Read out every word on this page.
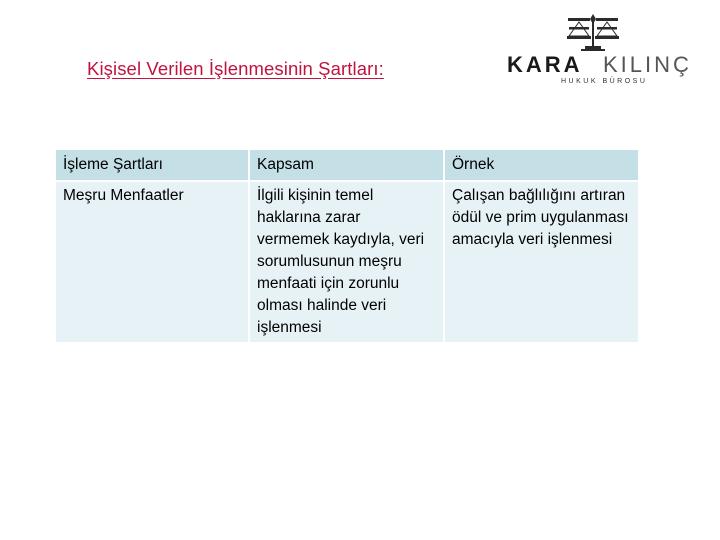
Kişisel Verilen İşlenmesinin Şartları:	KARA KILINÇ
HUKUK BÜROSU
İşleme Şartları	Kapsam	Örnek
Meşru Menfaatler	İlgili kişinin temel haklarına zarar vermemek kaydıyla, veri sorumlusunun meşru menfaati için zorunlu olması halinde veri işlenmesi	Çalışan bağlılığını artıran ödül ve prim uygulanması amacıyla veri işlenmesi
